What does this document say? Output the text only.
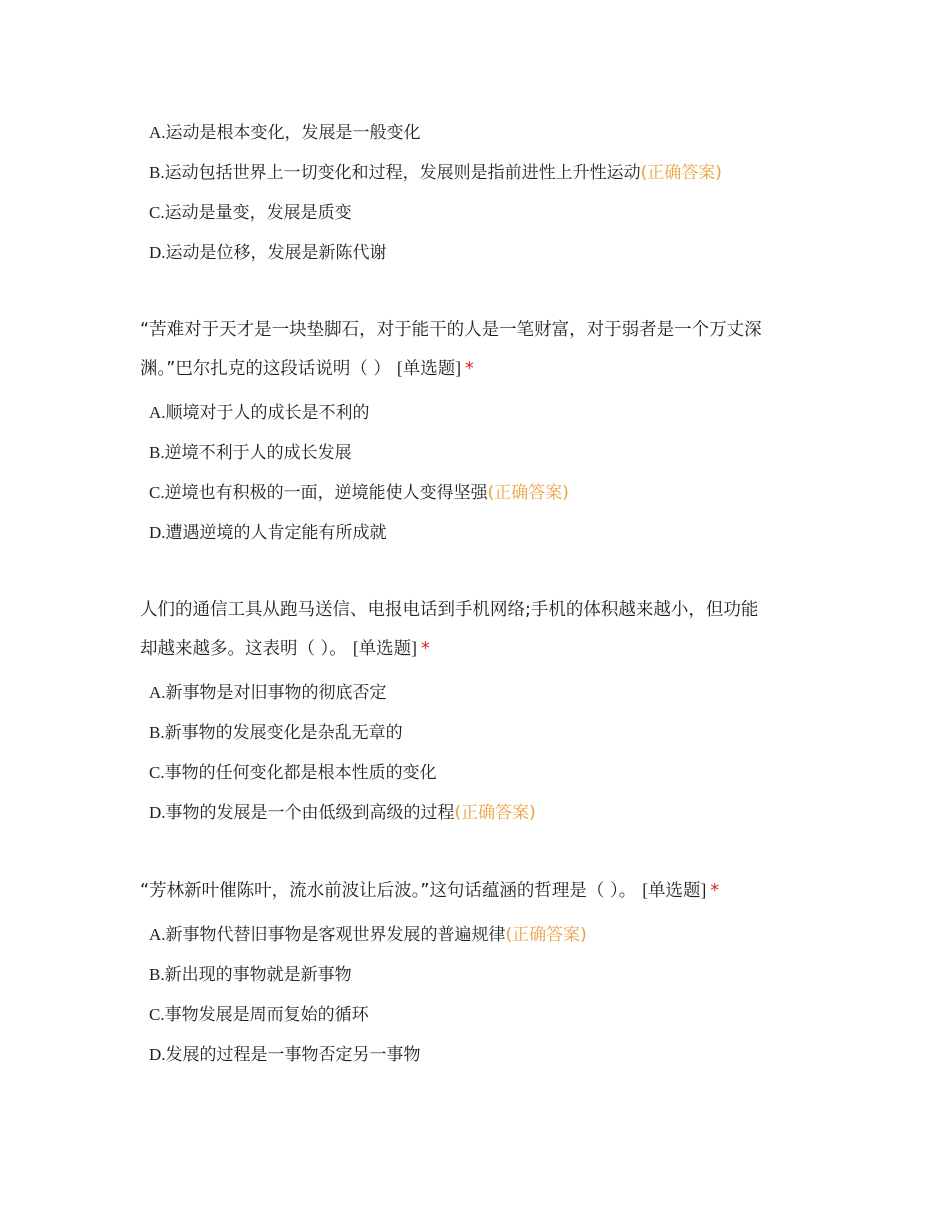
A.运动是根本变化，发展是一般变化
B.运动包括世界上一切变化和过程，发展则是指前进性上升性运动(正确答案)
C.运动是量变，发展是质变
D.运动是位移，发展是新陈代谢
“苦难对于天才是一块垫脚石，对于能干的人是一笔财富，对于弱者是一个万丈深
渊。”巴尔扎克的这段话说明（ ） [单选题] *
A.顺境对于人的成长是不利的
B.逆境不利于人的成长发展
C.逆境也有积极的一面，逆境能使人变得坚强(正确答案)
D.遭遇逆境的人肯定能有所成就
人们的通信工具从跑马送信、电报电话到手机网络;手机的体积越来越小，但功能
却越来越多。这表明（ ）。 [单选题] *
A.新事物是对旧事物的彻底否定
B.新事物的发展变化是杂乱无章的
C.事物的任何变化都是根本性质的变化
D.事物的发展是一个由低级到高级的过程(正确答案)
“芳林新叶催陈叶，流水前波让后波。”这句话蕴涵的哲理是（ ）。 [单选题] *
A.新事物代替旧事物是客观世界发展的普遍规律(正确答案)
B.新出现的事物就是新事物
C.事物发展是周而复始的循环
D.发展的过程是一事物否定另一事物
